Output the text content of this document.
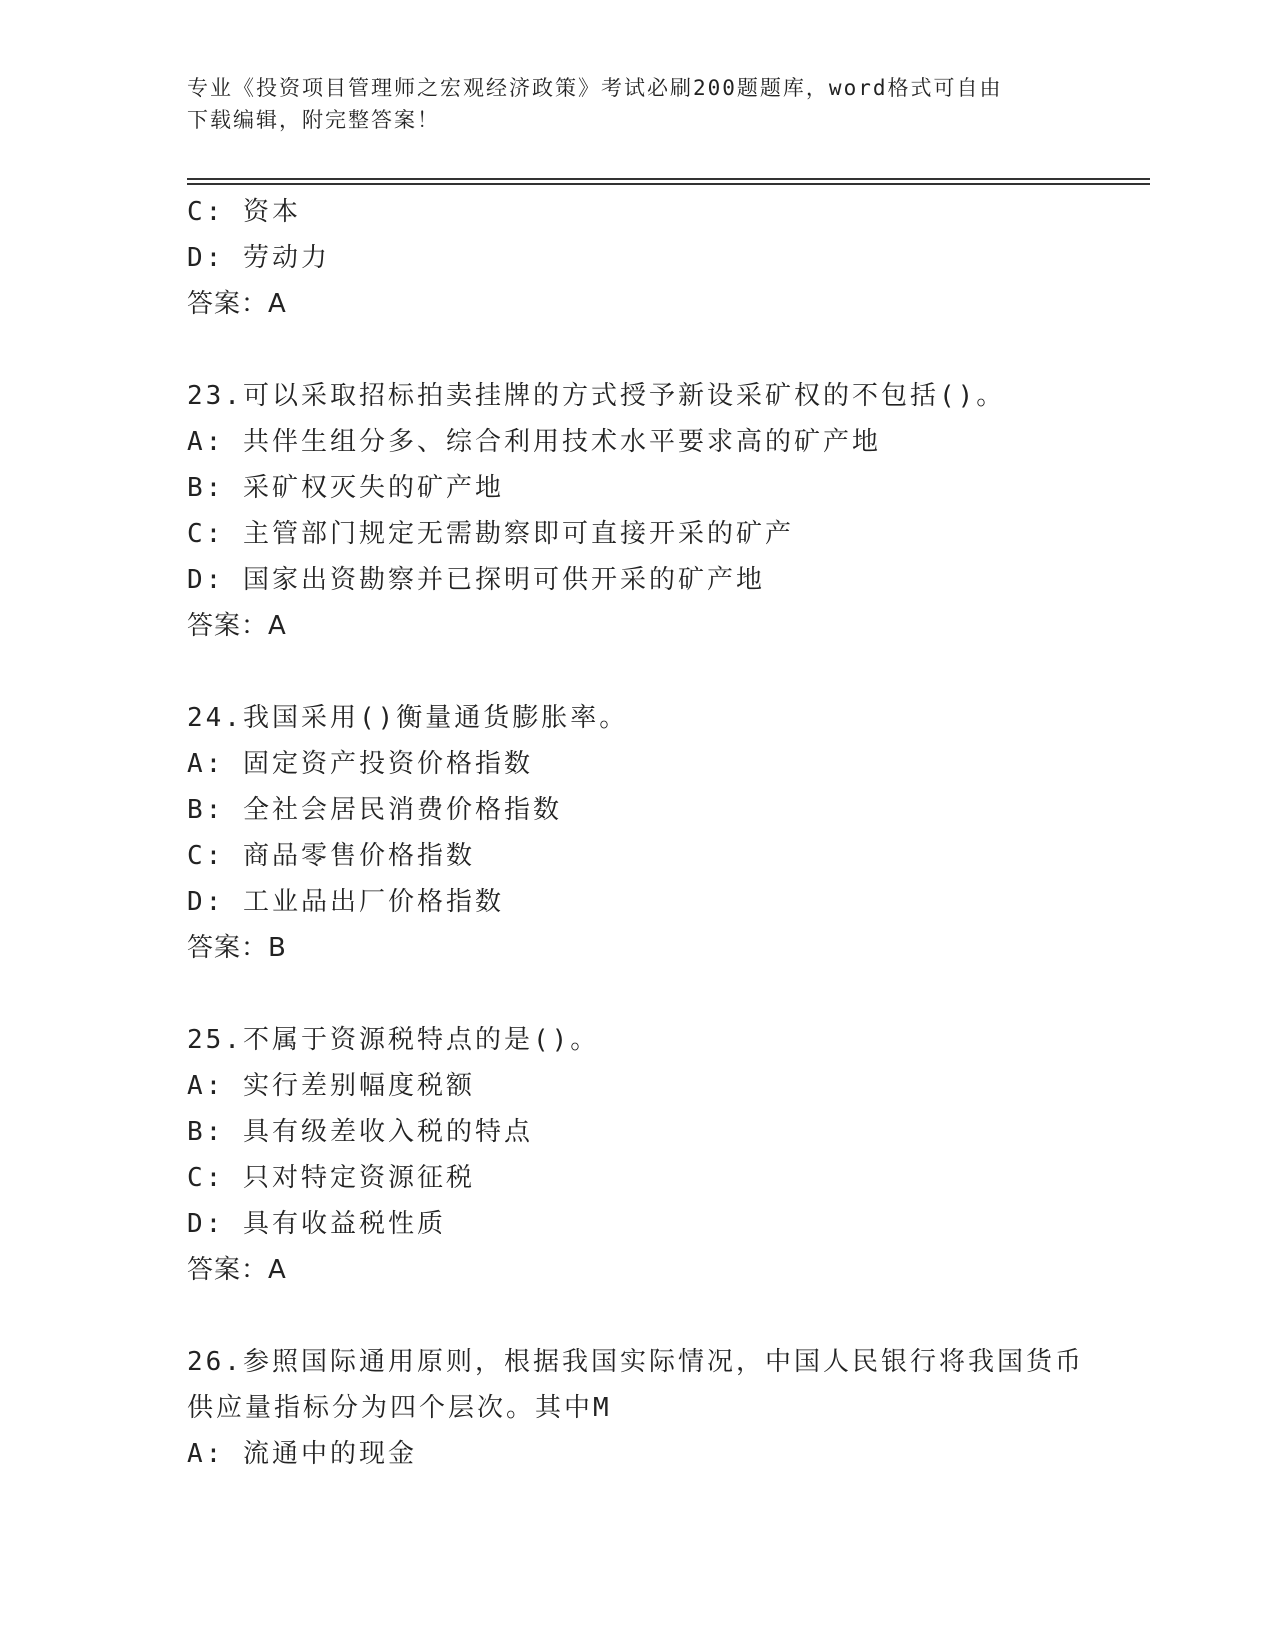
专业《投资项目管理师之宏观经济政策》考试必刷200题题库，word格式可自由
下载编辑，附完整答案！
C: 资本
D: 劳动力
答案：A
23.可以采取招标拍卖挂牌的方式授予新设采矿权的不包括()。
A: 共伴生组分多、综合利用技术水平要求高的矿产地
B: 采矿权灭失的矿产地
C: 主管部门规定无需勘察即可直接开采的矿产
D: 国家出资勘察并已探明可供开采的矿产地
答案：A
24.我国采用()衡量通货膨胀率。
A: 固定资产投资价格指数
B: 全社会居民消费价格指数
C: 商品零售价格指数
D: 工业品出厂价格指数
答案：B
25.不属于资源税特点的是()。
A: 实行差别幅度税额
B: 具有级差收入税的特点
C: 只对特定资源征税
D: 具有收益税性质
答案：A
26.参照国际通用原则，根据我国实际情况，中国人民银行将我国货币
供应量指标分为四个层次。其中M
A: 流通中的现金
